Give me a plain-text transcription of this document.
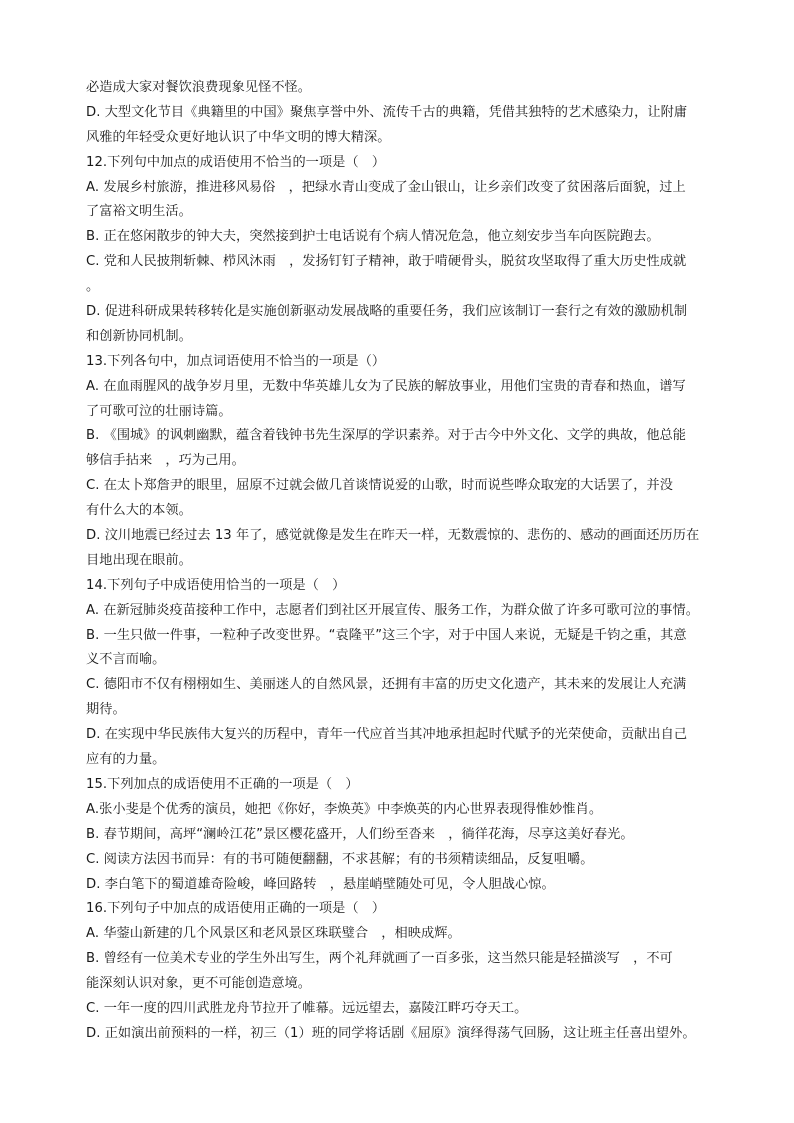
必造成大家对餐饮浪费现象见怪不怪。
D. 大型文化节目《典籍里的中国》聚焦享誉中外、流传千古的典籍，凭借其独特的艺术感染力，让附庸
风雅的年轻受众更好地认识了中华文明的博大精深。
12.下列句中加点的成语使用不恰当的一项是（　）
A. 发展乡村旅游，推进移风易俗　，把绿水青山变成了金山银山，让乡亲们改变了贫困落后面貌，过上
了富裕文明生活。
B. 正在悠闲散步的钟大夫，突然接到护士电话说有个病人情况危急，他立刻安步当车向医院跑去。
C. 党和人民披荆斩棘、栉风沐雨　，发扬钉钉子精神，敢于啃硬骨头，脱贫攻坚取得了重大历史性成就
。
D. 促进科研成果转移转化是实施创新驱动发展战略的重要任务，我们应该制订一套行之有效的激励机制
和创新协同机制。
13.下列各句中，加点词语使用不恰当的一项是（）
A. 在血雨腥风的战争岁月里，无数中华英雄儿女为了民族的解放事业，用他们宝贵的青春和热血，谱写
了可歌可泣的壮丽诗篇。
B. 《围城》的讽刺幽默，蕴含着钱钟书先生深厚的学识素养。对于古今中外文化、文学的典故，他总能
够信手拈来　，巧为己用。
C. 在太卜郑詹尹的眼里，屈原不过就会做几首谈情说爱的山歌，时而说些哗众取宠的大话罢了，并没
有什么大的本领。
D. 汶川地震已经过去 13 年了，感觉就像是发生在昨天一样，无数震惊的、悲伤的、感动的画面还历历在
目地出现在眼前。
14.下列句子中成语使用恰当的一项是（　）
A. 在新冠肺炎疫苗接种工作中，志愿者们到社区开展宣传、服务工作，为群众做了许多可歌可泣的事情。
B. 一生只做一件事，一粒种子改变世界。“袁隆平”这三个字，对于中国人来说，无疑是千钧之重，其意
义不言而喻。
C. 德阳市不仅有栩栩如生、美丽迷人的自然风景，还拥有丰富的历史文化遗产，其未来的发展让人充满
期待。
D. 在实现中华民族伟大复兴的历程中，青年一代应首当其冲地承担起时代赋予的光荣使命，贡献出自己
应有的力量。
15.下列加点的成语使用不正确的一项是（　）
A.张小斐是个优秀的演员，她把《你好，李焕英》中李焕英的内心世界表现得惟妙惟肖。
B. 春节期间，高坪“澜岭江花”景区樱花盛开，人们纷至沓来　，徜徉花海，尽享这美好春光。
C. 阅读方法因书而异：有的书可随便翻翻，不求甚解；有的书须精读细品，反复咀嚼。
D. 李白笔下的蜀道雄奇险峻，峰回路转　，悬崖峭壁随处可见，令人胆战心惊。
16.下列句子中加点的成语使用正确的一项是（　）
A. 华蓥山新建的几个风景区和老风景区珠联璧合　，相映成辉。
B. 曾经有一位美术专业的学生外出写生，两个礼拜就画了一百多张，这当然只能是轻描淡写　，不可
能深刻认识对象，更不可能创造意境。
C. 一年一度的四川武胜龙舟节拉开了帷幕。远远望去，嘉陵江畔巧夺天工。
D. 正如演出前预料的一样，初三（1）班的同学将话剧《屈原》演绎得荡气回肠，这让班主任喜出望外。
